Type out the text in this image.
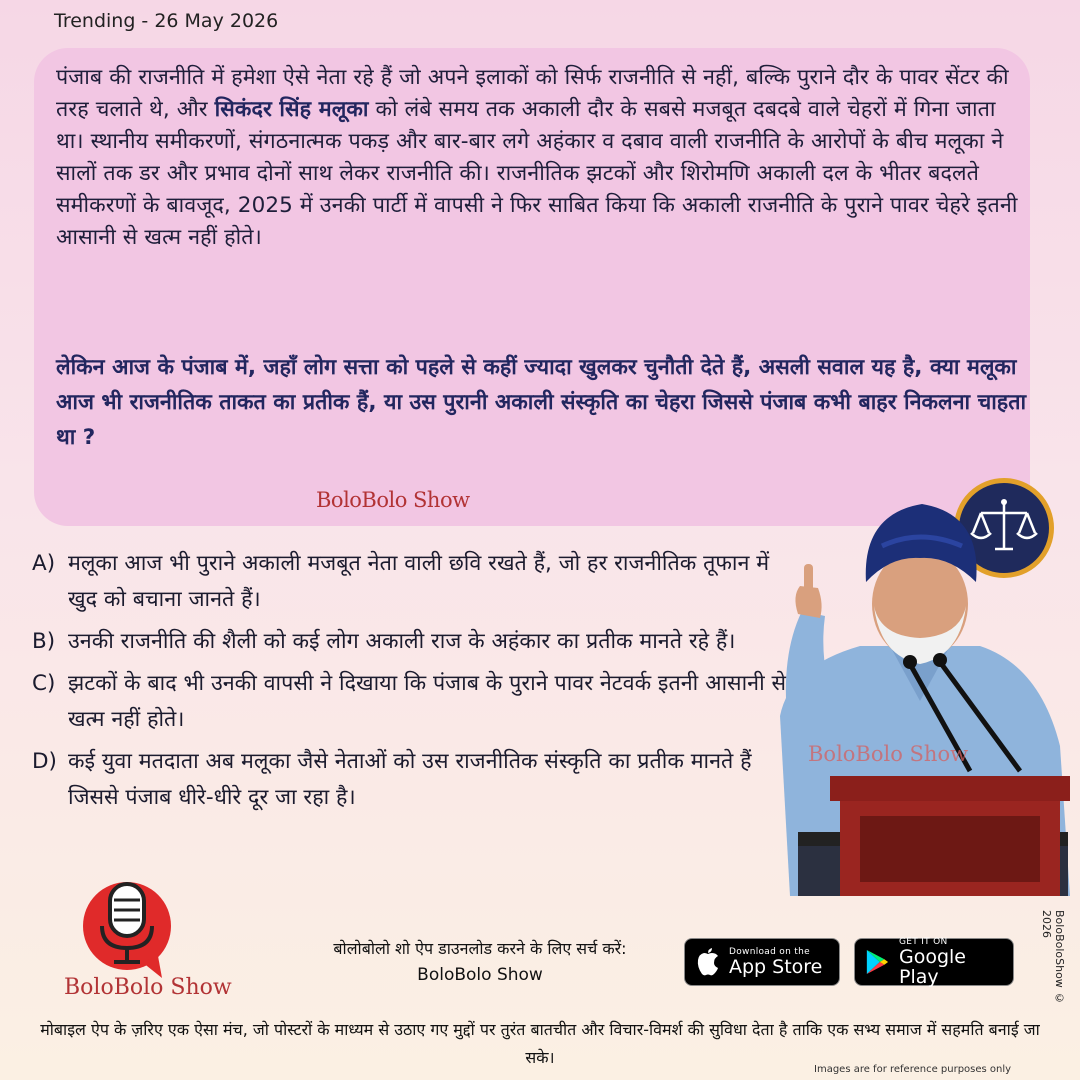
Trending - 26 May 2026
पंजाब की राजनीति में हमेशा ऐसे नेता रहे हैं जो अपने इलाकों को सिर्फ राजनीति से नहीं, बल्कि पुराने दौर के पावर सेंटर की तरह चलाते थे, और सिकंदर सिंह मलूका को लंबे समय तक अकाली दौर के सबसे मजबूत दबदबे वाले चेहरों में गिना जाता था। स्थानीय समीकरणों, संगठनात्मक पकड़ और बार-बार लगे अहंकार व दबाव वाली राजनीति के आरोपों के बीच मलूका ने सालों तक डर और प्रभाव दोनों साथ लेकर राजनीति की। राजनीतिक झटकों और शिरोमणि अकाली दल के भीतर बदलते समीकरणों के बावजूद, 2025 में उनकी पार्टी में वापसी ने फिर साबित किया कि अकाली राजनीति के पुराने पावर चेहरे इतनी आसानी से खत्म नहीं होते।
लेकिन आज के पंजाब में, जहाँ लोग सत्ता को पहले से कहीं ज्यादा खुलकर चुनौती देते हैं, असली सवाल यह है, क्या मलूका आज भी राजनीतिक ताकत का प्रतीक हैं, या उस पुरानी अकाली संस्कृति का चेहरा जिससे पंजाब कभी बाहर निकलना चाहता था ?
BoloBolo Show
A) मलूका आज भी पुराने अकाली मजबूत नेता वाली छवि रखते हैं, जो हर राजनीतिक तूफान में खुद को बचाना जानते हैं।
B) उनकी राजनीति की शैली को कई लोग अकाली राज के अहंकार का प्रतीक मानते रहे हैं।
C) झटकों के बाद भी उनकी वापसी ने दिखाया कि पंजाब के पुराने पावर नेटवर्क इतनी आसानी से खत्म नहीं होते।
D) कई युवा मतदाता अब मलूका जैसे नेताओं को उस राजनीतिक संस्कृति का प्रतीक मानते हैं जिससे पंजाब धीरे-धीरे दूर जा रहा है।
BoloBolo Show
BoloBolo Show
बोलोबोलो शो ऐप डाउनलोड करने के लिए सर्च करें:
BoloBolo Show
Download on the
App Store
GET IT ON
Google Play
मोबाइल ऐप के ज़रिए एक ऐसा मंच, जो पोस्टरों के माध्यम से उठाए गए मुद्दों पर तुरंत बातचीत और विचार-विमर्श की सुविधा देता है ताकि एक सभ्य समाज में सहमति बनाई जा सके।
BoloBoloShow © 2026
Images are for reference purposes only
